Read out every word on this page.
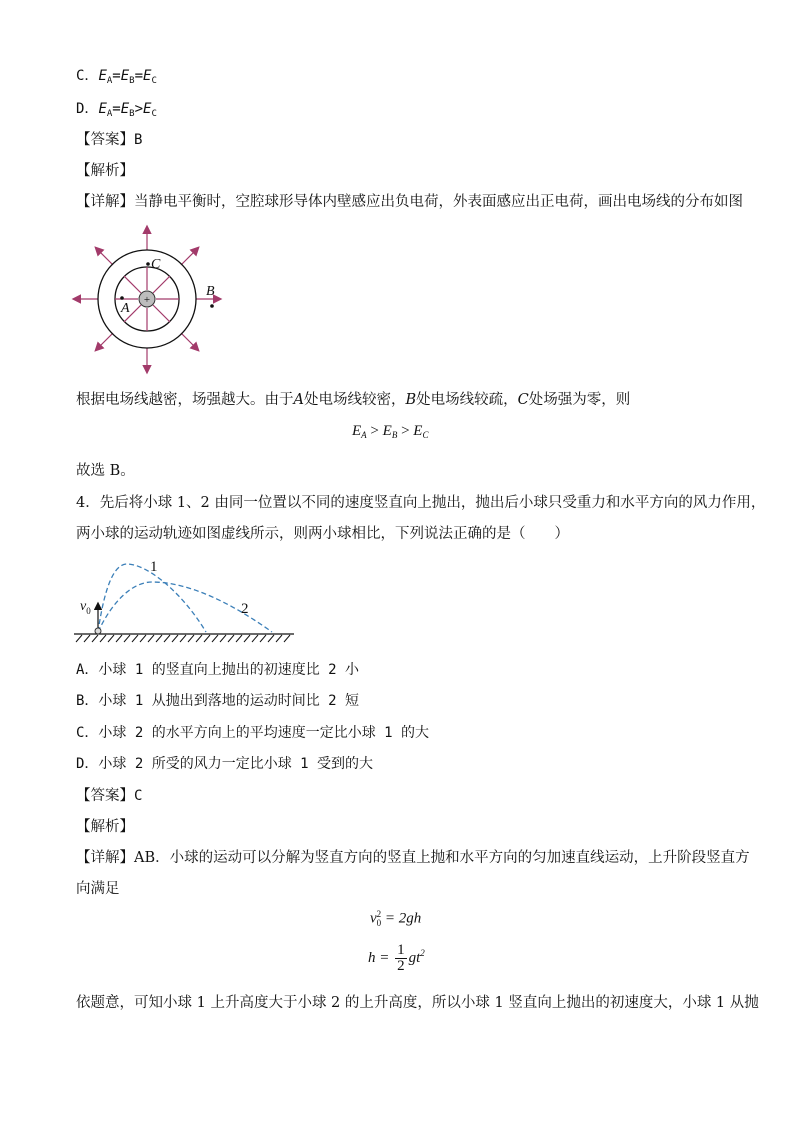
C．$E_A=E_B=E_C$
D．$E_A=E_B>E_C$
【答案】B
【解析】
【详解】当静电平衡时，空腔球形导体内壁感应出负电荷，外表面感应出正电荷，画出电场线的分布如图
+
C
A
B
根据电场线越密，场强越大。由于A处电场线较密，B处电场线较疏，C处场强为零，则
$E_A > E_B > E_C$
故选 B。
4．先后将小球 1、2 由同一位置以不同的速度竖直向上抛出，抛出后小球只受重力和水平方向的风力作用，
两小球的运动轨迹如图虚线所示，则两小球相比，下列说法正确的是（　　）
$v_0$
1
2
A．小球 1 的竖直向上抛出的初速度比 2 小
B．小球 1 从抛出到落地的运动时间比 2 短
C．小球 2 的水平方向上的平均速度一定比小球 1 的大
D．小球 2 所受的风力一定比小球 1 受到的大
【答案】C
【解析】
【详解】AB．小球的运动可以分解为竖直方向的竖直上抛和水平方向的匀加速直线运动，上升阶段竖直方
向满足
v 2
0 = 2gh
$h = \frac{1}{2} gt^2$
依题意，可知小球 1 上升高度大于小球 2 的上升高度，所以小球 1 竖直向上抛出的初速度大，小球 1 从抛
